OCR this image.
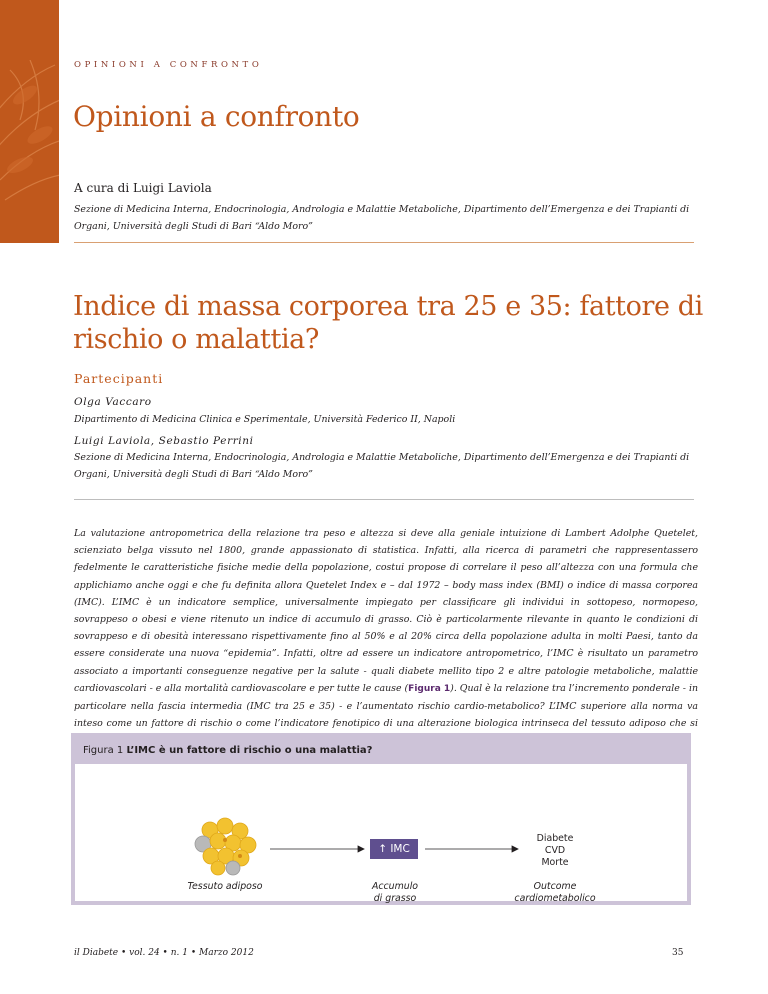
OPINIONI A CONFRONTO
Opinioni a confronto
A cura di Luigi Laviola
Sezione di Medicina Interna, Endocrinologia, Andrologia e Malattie Metaboliche, Dipartimento dell’Emergenza e dei Trapianti di Organi, Università degli Studi di Bari “Aldo Moro”
Indice di massa corporea tra 25 e 35: fattore di rischio o malattia?
Partecipanti
Olga Vaccaro
Dipartimento di Medicina Clinica e Sperimentale, Università Federico II, Napoli
Luigi Laviola, Sebastio Perrini
Sezione di Medicina Interna, Endocrinologia, Andrologia e Malattie Metaboliche, Dipartimento dell’Emergenza e dei Trapianti di Organi, Università degli Studi di Bari “Aldo Moro”

La valutazione antropometrica della relazione tra peso e altezza si deve alla geniale intuizione di Lambert Adolphe Quetelet, scienziato belga vissuto nel 1800, grande appassionato di statistica. Infatti, alla ricerca di parametri che rappresentassero fedelmente le caratteristiche fisiche medie della popolazione, costui propose di correlare il peso all’altezza con una formula che applichiamo anche oggi e che fu definita allora Quetelet Index e – dal 1972 – body mass index (BMI) o indice di massa corporea (IMC). L’IMC è un indicatore semplice, universalmente impiegato per classificare gli individui in sottopeso, normopeso, sovrappeso o obesi e viene ritenuto un indice di accumulo di grasso. Ciò è particolarmente rilevante in quanto le condizioni di sovrappeso e di obesità interessano rispettivamente fino al 50% e al 20% circa della popolazione adulta in molti Paesi, tanto da essere considerate una nuova “epidemia”. Infatti, oltre ad essere un indicatore antropometrico, l’IMC è risultato un parametro associato a importanti conseguenze negative per la salute - quali diabete mellito tipo 2 e altre patologie metaboliche, malattie cardiovascolari - e alla mortalità cardiovascolare e per tutte le cause (Figura 1). Qual è la relazione tra l’incremento ponderale - in particolare nella fascia intermedia (IMC tra 25 e 35) - e l’aumentato rischio cardio-metabolico? L’IMC superiore alla norma va inteso come un fattore di rischio o come l’indicatore fenotipico di una alterazione biologica intrinseca del tessuto adiposo che si

Figura 1 L’IMC è un fattore di rischio o una malattia?
↑ IMC
Tessuto adiposo	Accumulo
di grasso
Outcome
cardiometabolico
Diabete
CVD
Morte
il Diabete • vol. 24 • n. 1 • Marzo 2012	35
